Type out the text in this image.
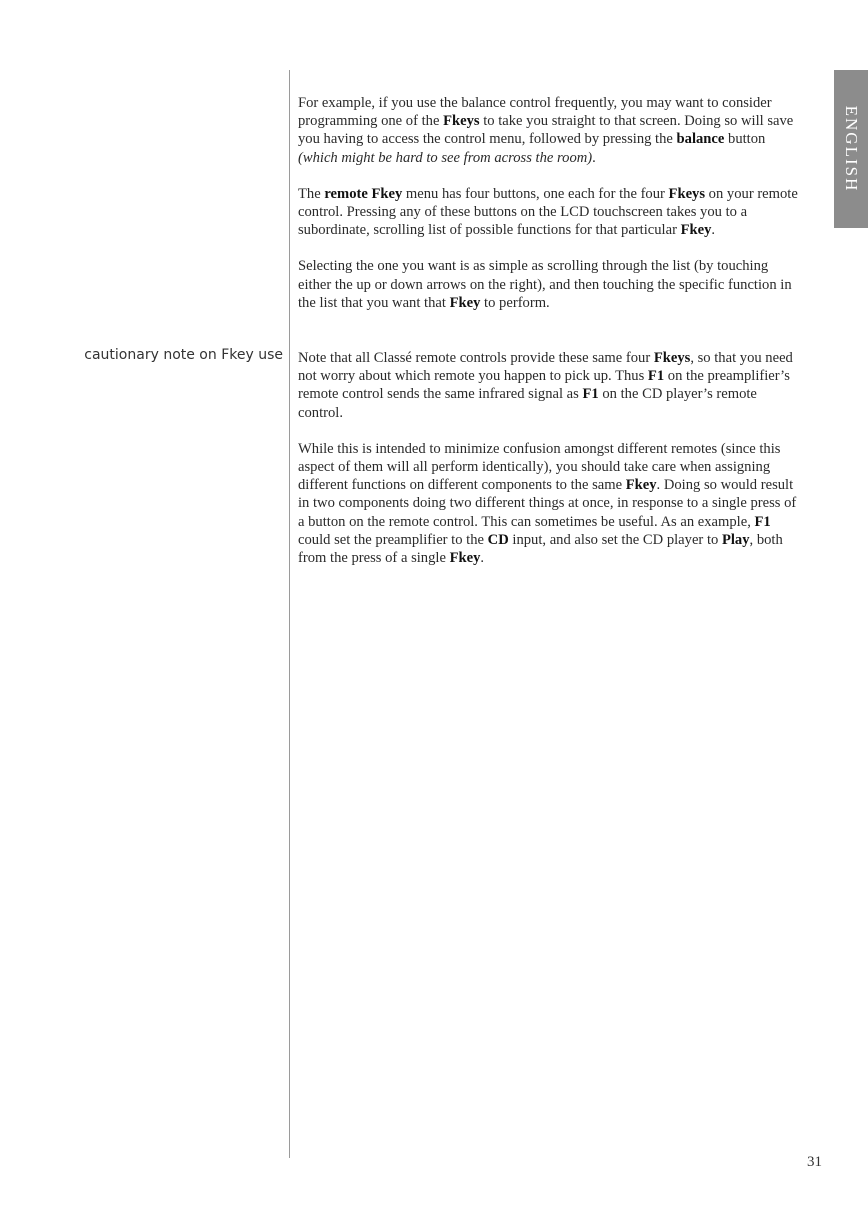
ENGLISH
cautionary note on Fkey use

For example, if you use the balance control frequently, you may want to consider programming one of the Fkeys to take you straight to that screen. Doing so will save you having to access the control menu, followed by pressing the balance button (which might be hard to see from across the room).

The remote Fkey menu has four buttons, one each for the four Fkeys on your remote control. Pressing any of these buttons on the LCD touchscreen takes you to a subordinate, scrolling list of possible functions for that particular Fkey.

Selecting the one you want is as simple as scrolling through the list (by touching either the up or down arrows on the right), and then touching the specific function in the list that you want that Fkey to perform.

Note that all Classé remote controls provide these same four Fkeys, so that you need not worry about which remote you happen to pick up. Thus F1 on the preamplifier’s remote control sends the same infrared signal as F1 on the CD player’s remote control.

While this is intended to minimize confusion amongst different remotes (since this aspect of them will all perform identically), you should take care when assigning different functions on different components to the same Fkey. Doing so would result in two components doing two different things at once, in response to a single press of a button on the remote control. This can sometimes be useful. As an example, F1 could set the preamplifier to the CD input, and also set the CD player to Play, both from the press of a single Fkey.

31
